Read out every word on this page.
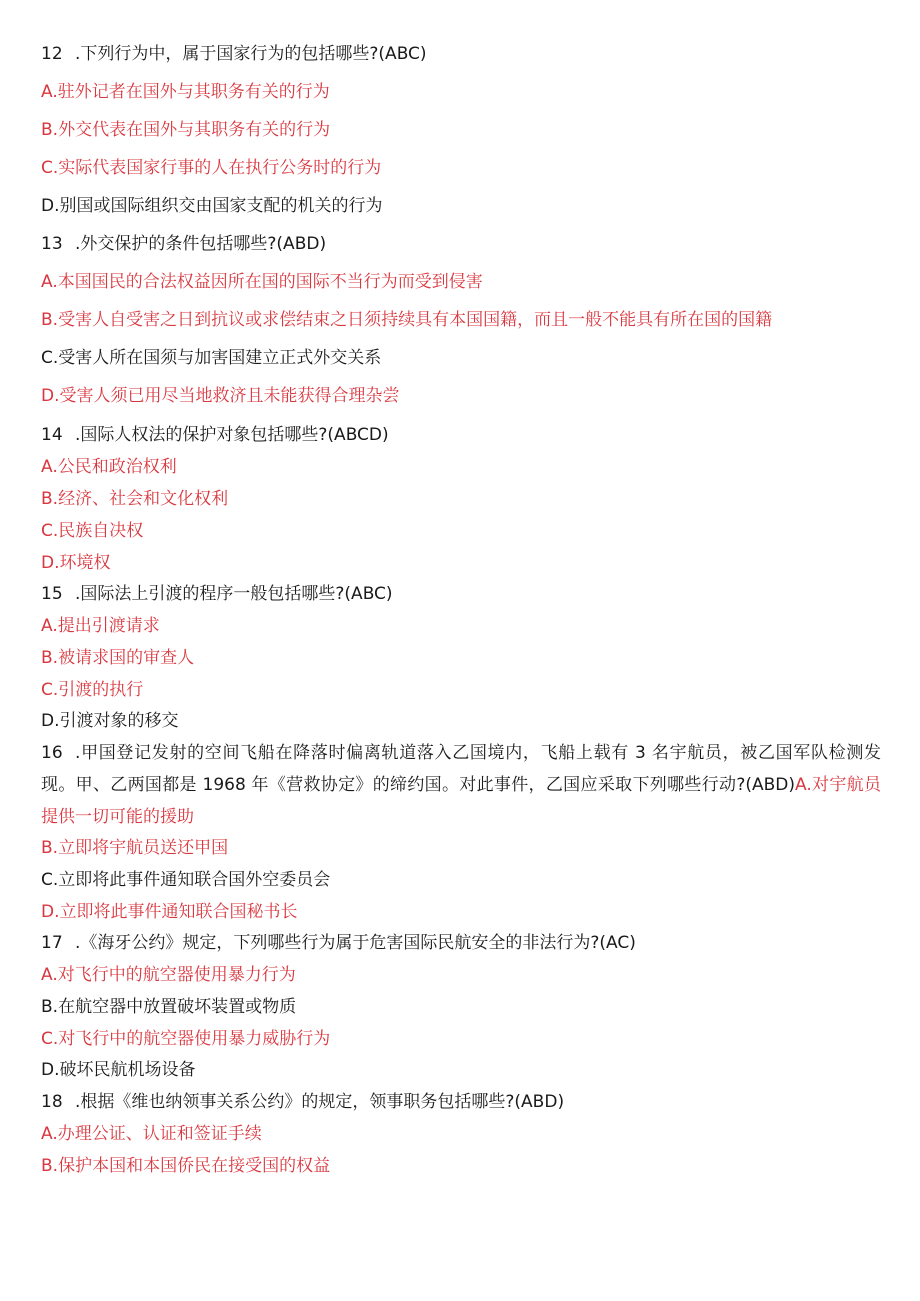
12 .下列行为中，属于国家行为的包括哪些?(ABC)
A.驻外记者在国外与其职务有关的行为
B.外交代表在国外与其职务有关的行为
C.实际代表国家行事的人在执行公务时的行为
D.别国或国际组织交由国家支配的机关的行为
13 .外交保护的条件包括哪些?(ABD)
A.本国国民的合法权益因所在国的国际不当行为而受到侵害
B.受害人自受害之日到抗议或求偿结束之日须持续具有本国国籍，而且一般不能具有所在国的国籍
C.受害人所在国须与加害国建立正式外交关系
D.受害人须已用尽当地救济且未能获得合理杂尝
14 .国际人权法的保护对象包括哪些?(ABCD)
A.公民和政治权利
B.经济、社会和文化权利
C.民族自决权
D.环境权
15 .国际法上引渡的程序一般包括哪些?(ABC)
A.提出引渡请求
B.被请求国的审查人
C.引渡的执行
D.引渡对象的移交
16 .甲国登记发射的空间飞船在降落时偏离轨道落入乙国境内，飞船上载有 3 名宇航员，被乙国军队检测发现。甲、乙两国都是 1968 年《营救协定》的缔约国。对此事件，乙国应采取下列哪些行动?(ABD)A.对宇航员提供一切可能的援助
B.立即将宇航员送还甲国
C.立即将此事件通知联合国外空委员会
D.立即将此事件通知联合国秘书长
17 .《海牙公约》规定，下列哪些行为属于危害国际民航安全的非法行为?(AC)
A.对飞行中的航空器使用暴力行为
B.在航空器中放置破坏装置或物质
C.对飞行中的航空器使用暴力威胁行为
D.破坏民航机场设备
18 .根据《维也纳领事关系公约》的规定，领事职务包括哪些?(ABD)
A.办理公证、认证和签证手续
B.保护本国和本国侨民在接受国的权益
